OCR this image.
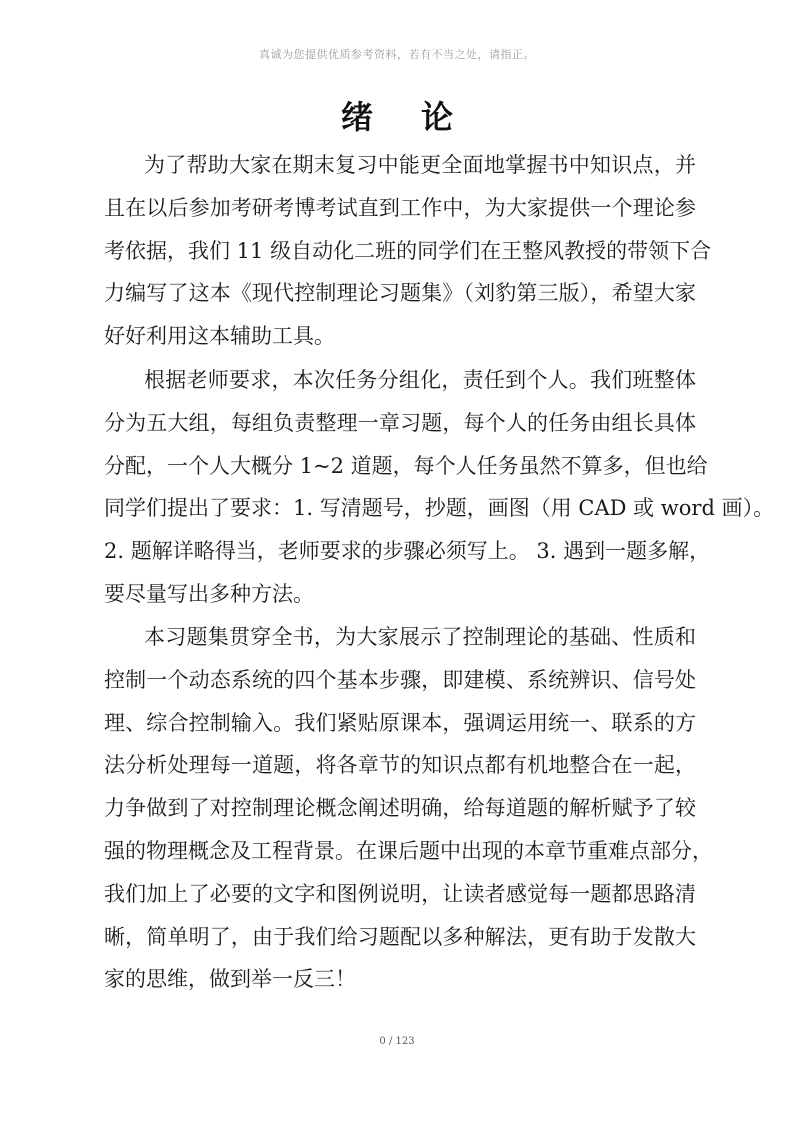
真诚为您提供优质参考资料，若有不当之处，请指正。
绪论
为了帮助大家在期末复习中能更全面地掌握书中知识点，并
且在以后参加考研考博考试直到工作中，为大家提供一个理论参
考依据，我们 11 级自动化二班的同学们在王整风教授的带领下合
力编写了这本《现代控制理论习题集》（刘豹第三版），希望大家
好好利用这本辅助工具。
根据老师要求，本次任务分组化，责任到个人。我们班整体
分为五大组，每组负责整理一章习题，每个人的任务由组长具体
分配，一个人大概分 1~2 道题，每个人任务虽然不算多，但也给
同学们提出了要求：1. 写清题号，抄题，画图（用 CAD 或 word 画）。
2. 题解详略得当，老师要求的步骤必须写上。 3. 遇到一题多解，
要尽量写出多种方法。
本习题集贯穿全书，为大家展示了控制理论的基础、性质和
控制一个动态系统的四个基本步骤，即建模、系统辨识、信号处
理、综合控制输入。我们紧贴原课本，强调运用统一、联系的方
法分析处理每一道题，将各章节的知识点都有机地整合在一起，
力争做到了对控制理论概念阐述明确，给每道题的解析赋予了较
强的物理概念及工程背景。在课后题中出现的本章节重难点部分，
我们加上了必要的文字和图例说明，让读者感觉每一题都思路清
晰，简单明了，由于我们给习题配以多种解法，更有助于发散大
家的思维，做到举一反三！
0 / 123
